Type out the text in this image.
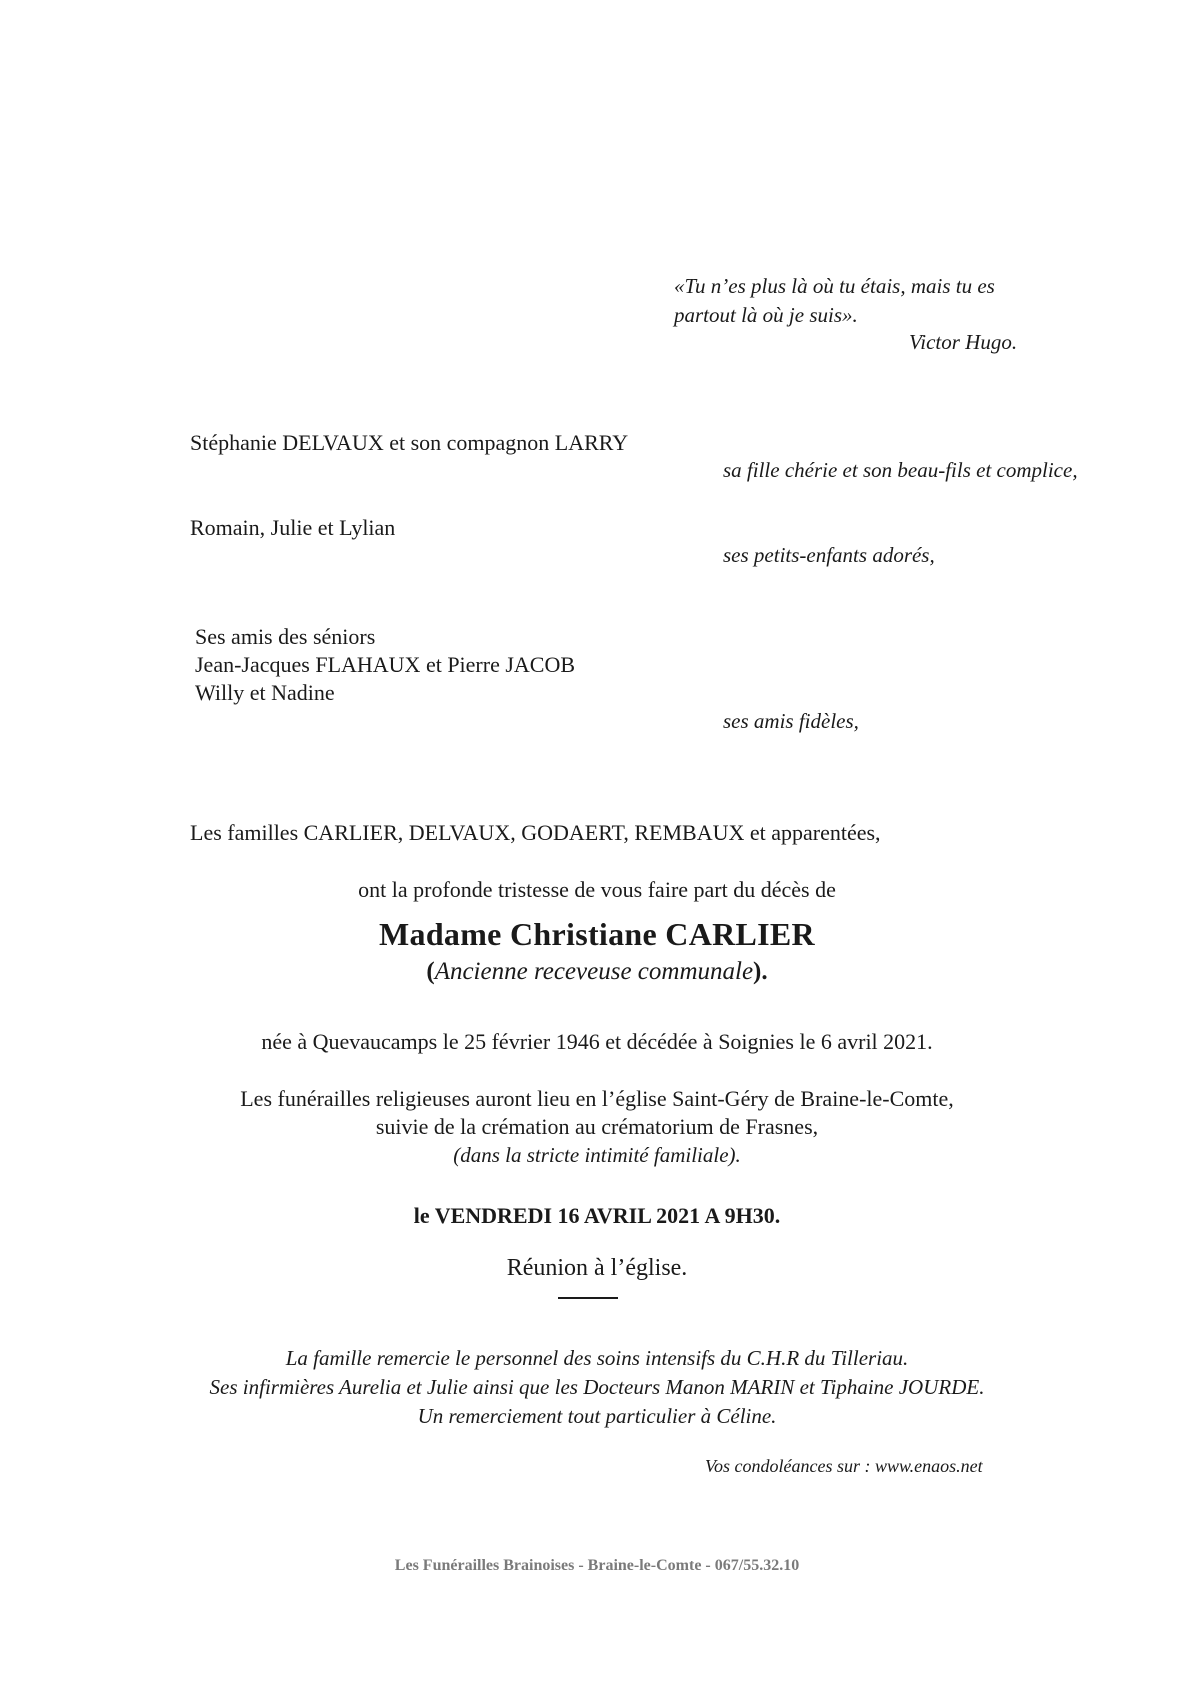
«Tu n’es plus là où tu étais, mais tu es
partout là où je suis».
Victor Hugo.
Stéphanie DELVAUX et son compagnon LARRY
sa fille chérie et son beau-fils et complice,
Romain, Julie et Lylian
ses petits-enfants adorés,
Ses amis des séniors
Jean-Jacques FLAHAUX et Pierre JACOB
Willy et Nadine
ses amis fidèles,
Les familles CARLIER, DELVAUX, GODAERT, REMBAUX et apparentées,
ont la profonde tristesse de vous faire part du décès de
Madame Christiane CARLIER
(Ancienne receveuse communale).
née à Quevaucamps le 25 février 1946 et décédée à Soignies le 6 avril 2021.
Les funérailles religieuses auront lieu en l’église Saint-Géry de Braine-le-Comte,
suivie de la crémation au crématorium de Frasnes,
(dans la stricte intimité familiale).
le VENDREDI 16 AVRIL 2021 A 9H30.
Réunion à l’église.
La famille remercie le personnel des soins intensifs du C.H.R du Tilleriau.
Ses infirmières Aurelia et Julie ainsi que les Docteurs Manon MARIN et Tiphaine JOURDE.
Un remerciement tout particulier à Céline.
Vos condoléances sur : www.enaos.net
Les Funérailles Brainoises - Braine-le-Comte - 067/55.32.10
